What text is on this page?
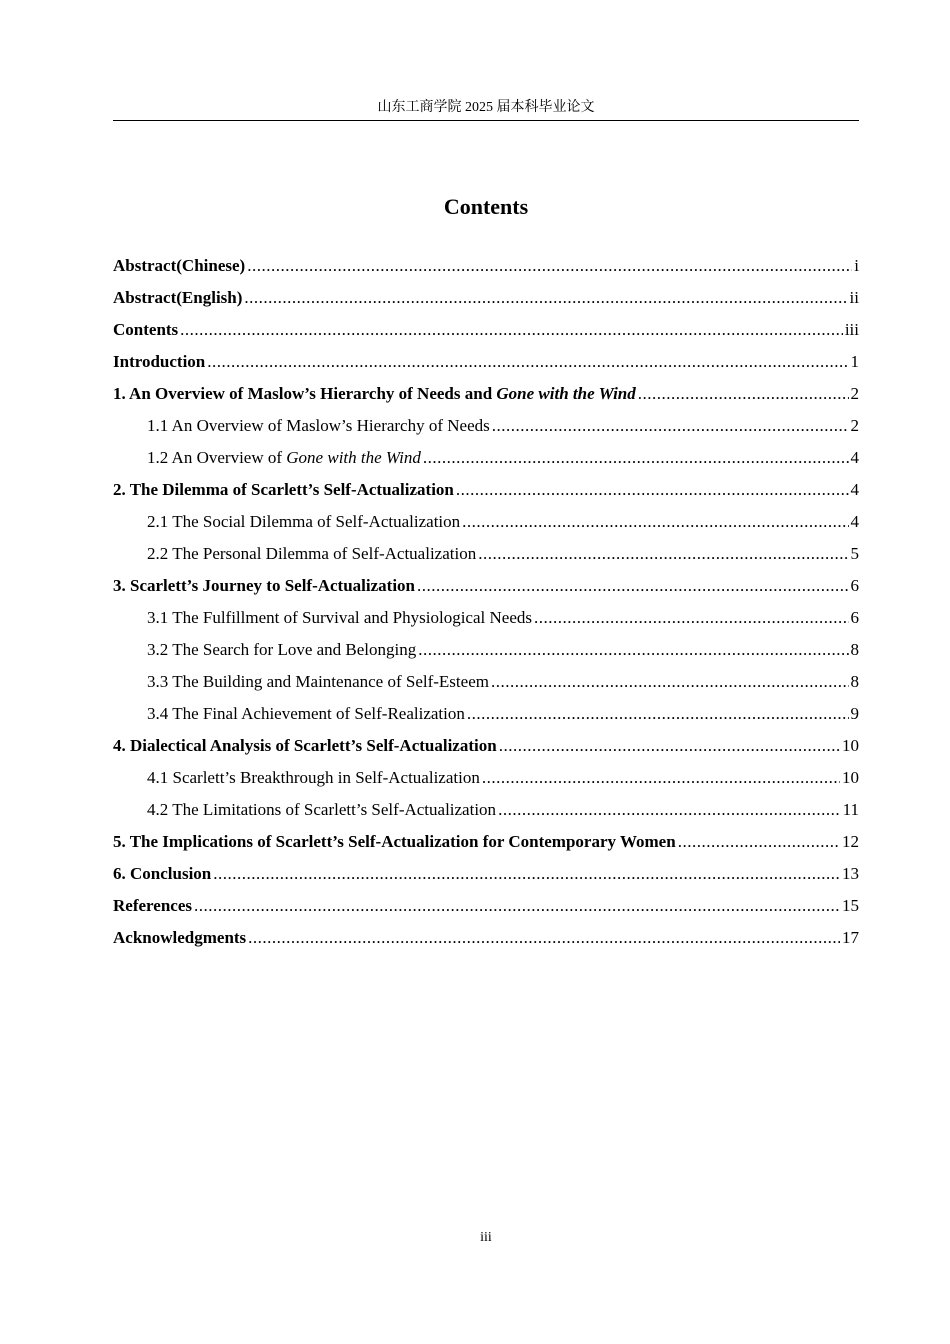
山东工商学院 2025 届本科毕业论文
Contents
Abstract(Chinese) .....	i
Abstract(English) .....	ii
Contents .....	iii
Introduction .....	1
1. An Overview of Maslow’s Hierarchy of Needs and Gone with the Wind .....	2
1.1 An Overview of Maslow’s Hierarchy of Needs .....	2
1.2 An Overview of Gone with the Wind .....	4
2. The Dilemma of Scarlett’s Self-Actualization .....	4
2.1 The Social Dilemma of Self-Actualization .....	4
2.2 The Personal Dilemma of Self-Actualization .....	5
3. Scarlett’s Journey to Self-Actualization .....	6
3.1 The Fulfillment of Survival and Physiological Needs .....	6
3.2 The Search for Love and Belonging .....	8
3.3 The Building and Maintenance of Self-Esteem .....	8
3.4 The Final Achievement of Self-Realization .....	9
4. Dialectical Analysis of Scarlett’s Self-Actualization .....	10
4.1 Scarlett’s Breakthrough in Self-Actualization .....	10
4.2 The Limitations of Scarlett’s Self-Actualization .....	11
5. The Implications of Scarlett’s Self-Actualization for Contemporary Women .....	12
6. Conclusion .....	13
References .....	15
Acknowledgments .....	17
iii
